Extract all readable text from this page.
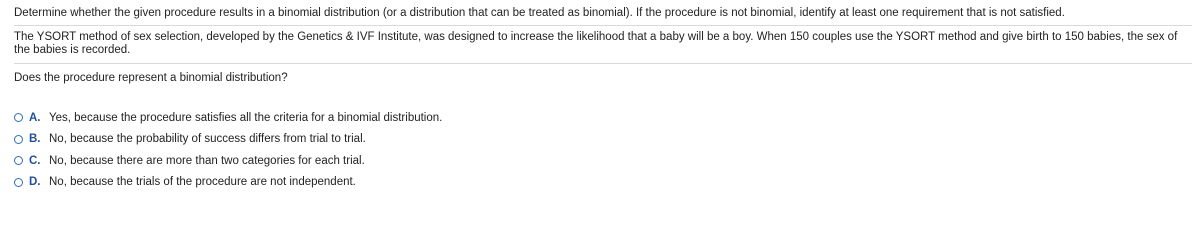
Determine whether the given procedure results in a binomial distribution (or a distribution that can be treated as binomial). If the procedure is not binomial, identify at least one requirement that is not satisfied.
The YSORT method of sex selection, developed by the Genetics & IVF Institute, was designed to increase the likelihood that a baby will be a boy. When 150 couples use the YSORT method and give birth to 150 babies, the sex of the babies is recorded.
Does the procedure represent a binomial distribution?
A. Yes, because the procedure satisfies all the criteria for a binomial distribution.
B. No, because the probability of success differs from trial to trial.
C. No, because there are more than two categories for each trial.
D. No, because the trials of the procedure are not independent.
